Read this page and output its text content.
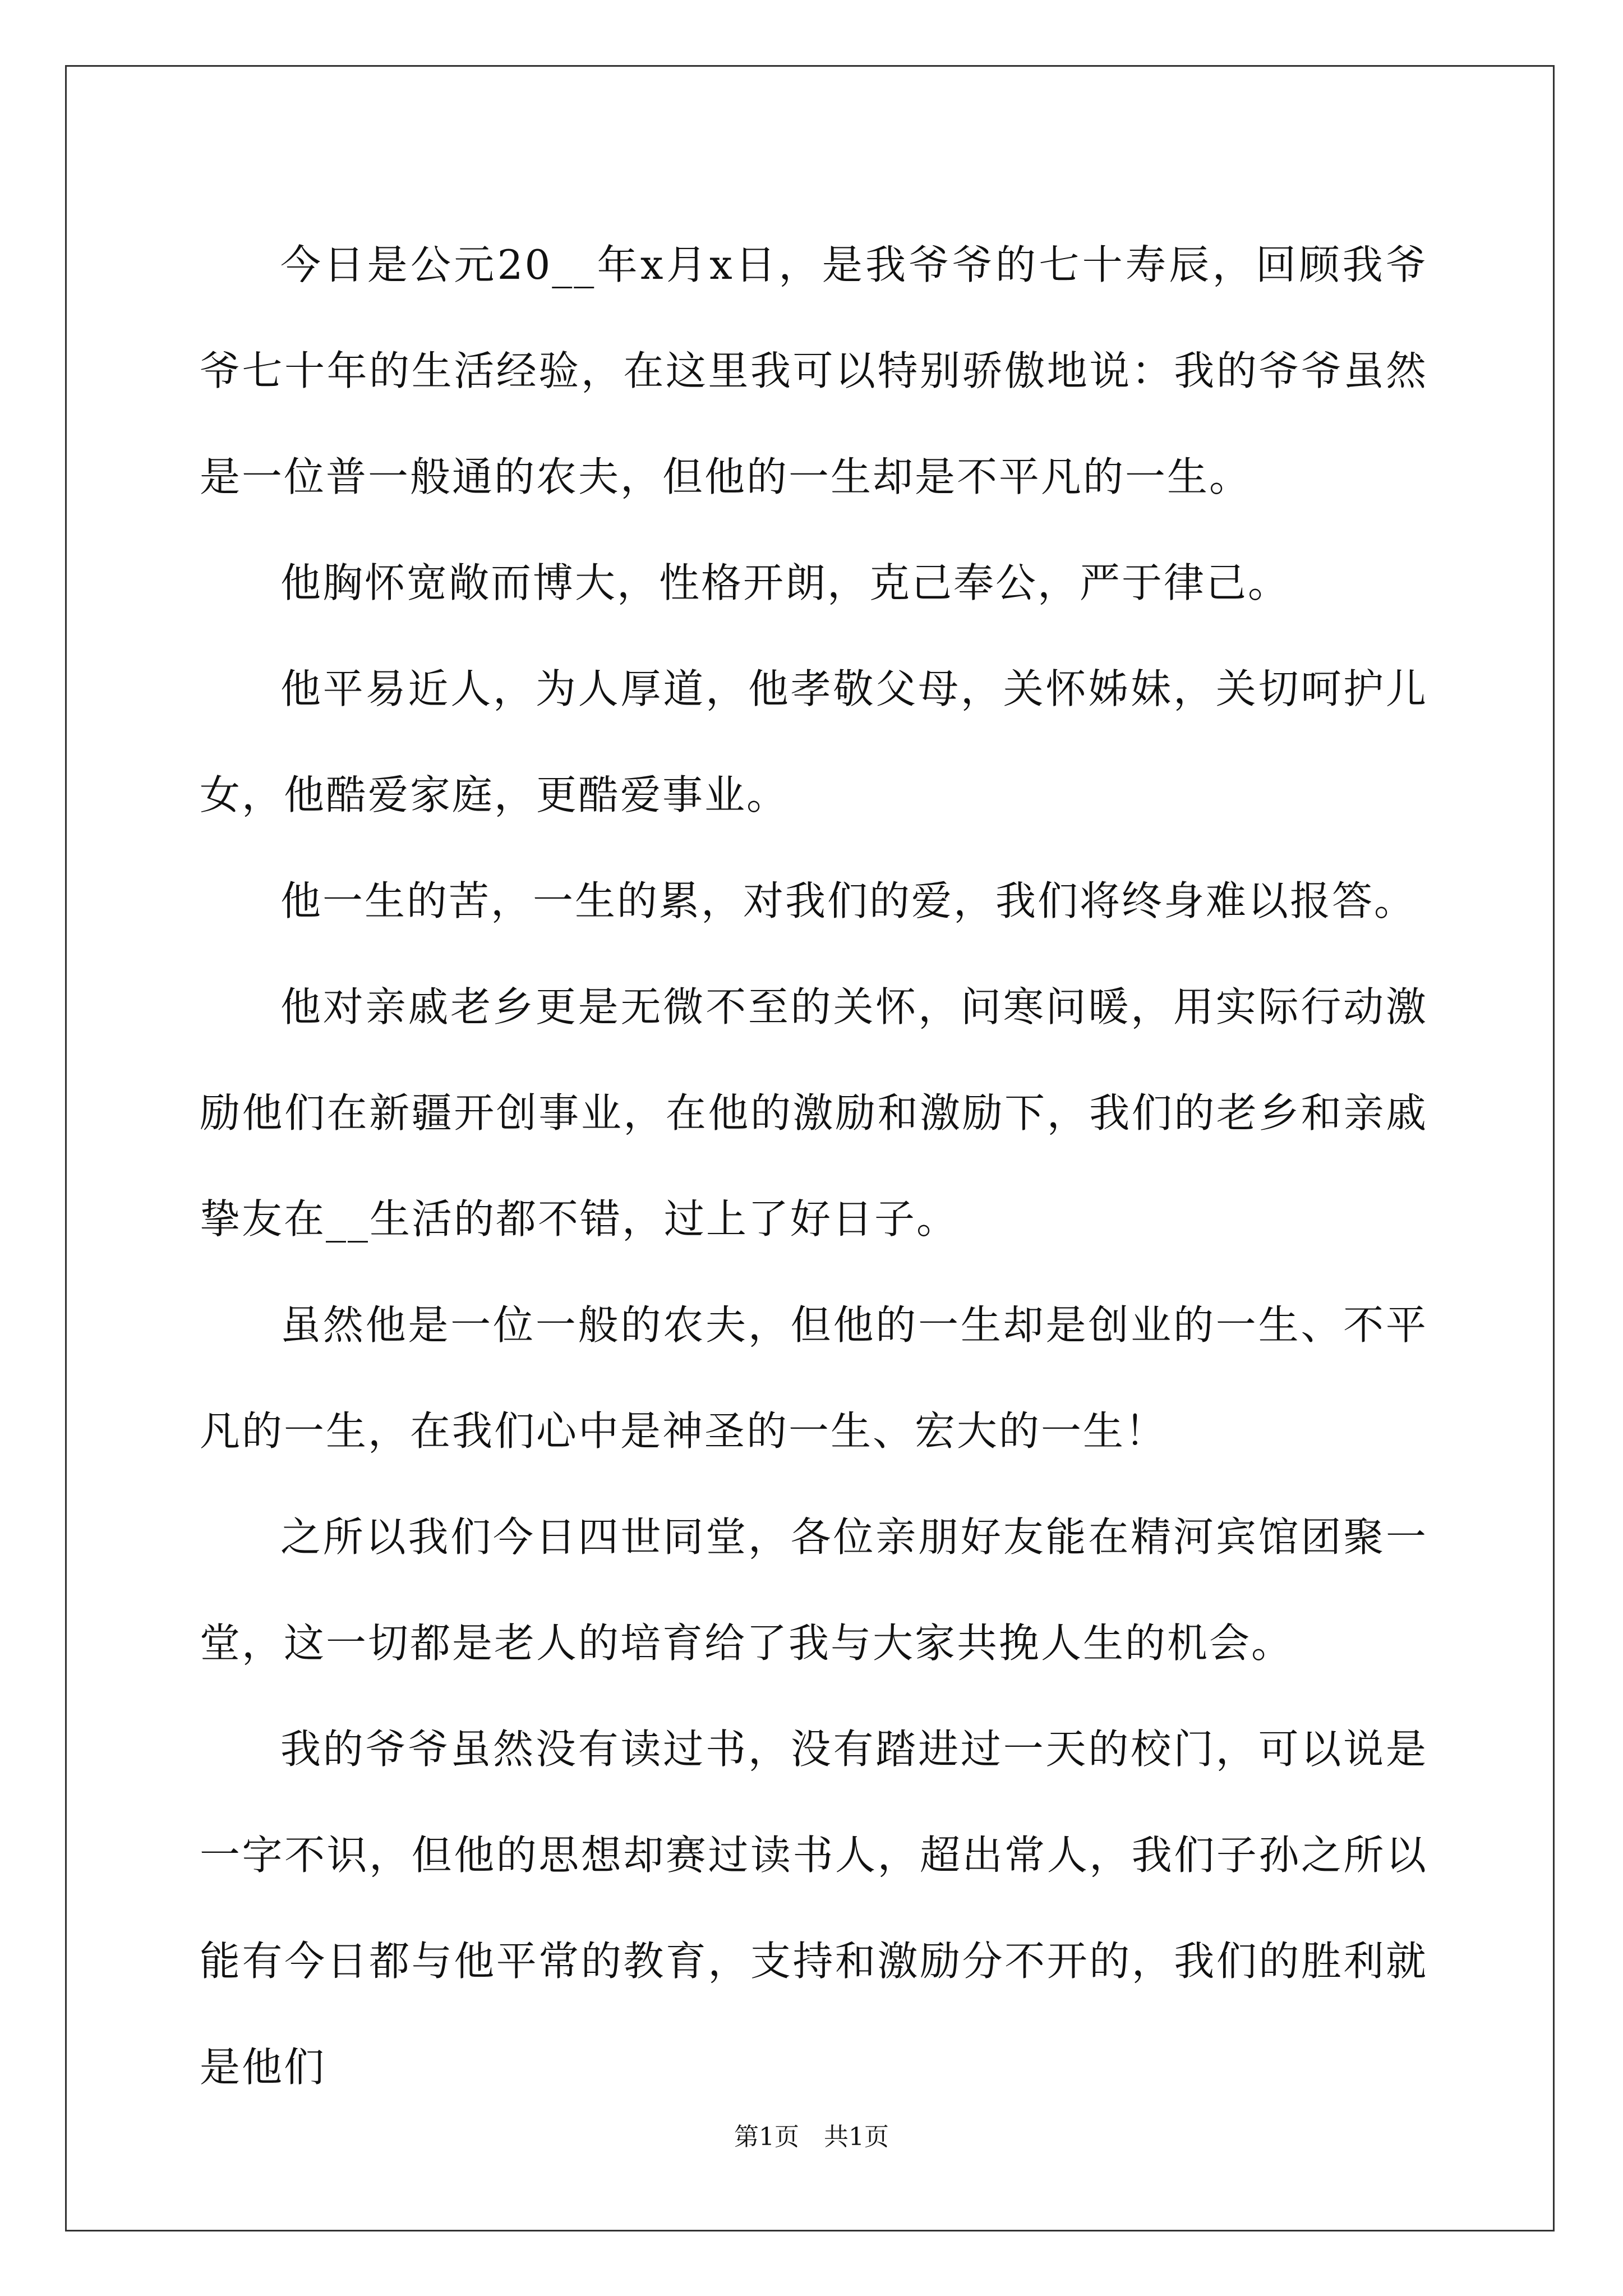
今日是公元20__年x月x日，是我爷爷的七十寿辰，回顾我爷爷七十年的生活经验，在这里我可以特别骄傲地说：我的爷爷虽然是一位普一般通的农夫，但他的一生却是不平凡的一生。

他胸怀宽敞而博大，性格开朗，克己奉公，严于律己。

他平易近人，为人厚道，他孝敬父母，关怀姊妹，关切呵护儿女，他酷爱家庭，更酷爱事业。

他一生的苦，一生的累，对我们的爱，我们将终身难以报答。

他对亲戚老乡更是无微不至的关怀，问寒问暖，用实际行动激励他们在新疆开创事业，在他的激励和激励下，我们的老乡和亲戚挚友在__生活的都不错，过上了好日子。

虽然他是一位一般的农夫，但他的一生却是创业的一生、不平凡的一生，在我们心中是神圣的一生、宏大的一生！

之所以我们今日四世同堂，各位亲朋好友能在精河宾馆团聚一堂，这一切都是老人的培育给了我与大家共挽人生的机会。

我的爷爷虽然没有读过书，没有踏进过一天的校门，可以说是一字不识，但他的思想却赛过读书人，超出常人，我们子孙之所以能有今日都与他平常的教育，支持和激励分不开的，我们的胜利就是他们

第1页　共1页
